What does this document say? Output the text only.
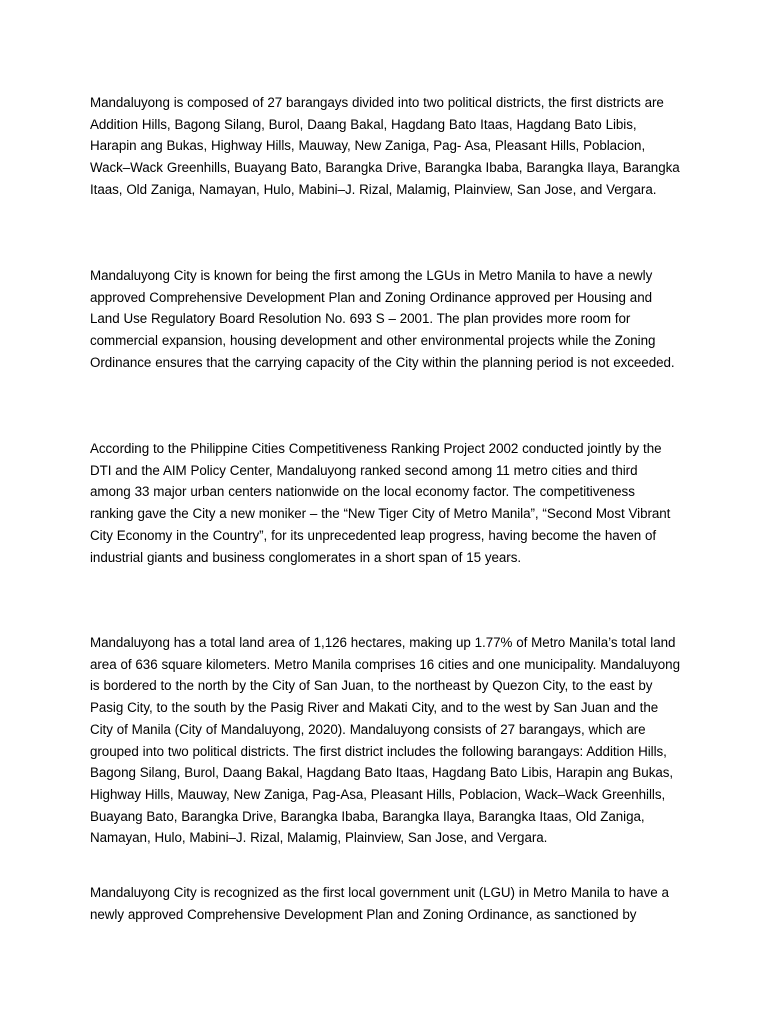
Mandaluyong is composed of 27 barangays divided into two political districts, the first districts are Addition Hills, Bagong Silang, Burol, Daang Bakal, Hagdang Bato Itaas, Hagdang Bato Libis, Harapin ang Bukas, Highway Hills, Mauway, New Zaniga, Pag- Asa, Pleasant Hills, Poblacion, Wack–Wack Greenhills, Buayang Bato, Barangka Drive, Barangka Ibaba, Barangka Ilaya, Barangka Itaas, Old Zaniga, Namayan, Hulo, Mabini–J. Rizal, Malamig, Plainview, San Jose, and Vergara.

Mandaluyong City is known for being the first among the LGUs in Metro Manila to have a newly approved Comprehensive Development Plan and Zoning Ordinance approved per Housing and Land Use Regulatory Board Resolution No. 693 S – 2001. The plan provides more room for commercial expansion, housing development and other environmental projects while the Zoning Ordinance ensures that the carrying capacity of the City within the planning period is not exceeded.

According to the Philippine Cities Competitiveness Ranking Project 2002 conducted jointly by the DTI and the AIM Policy Center, Mandaluyong ranked second among 11 metro cities and third among 33 major urban centers nationwide on the local economy factor. The competitiveness ranking gave the City a new moniker – the “New Tiger City of Metro Manila”, “Second Most Vibrant City Economy in the Country”, for its unprecedented leap progress, having become the haven of industrial giants and business conglomerates in a short span of 15 years.

Mandaluyong has a total land area of 1,126 hectares, making up 1.77% of Metro Manila’s total land area of 636 square kilometers. Metro Manila comprises 16 cities and one municipality. Mandaluyong is bordered to the north by the City of San Juan, to the northeast by Quezon City, to the east by Pasig City, to the south by the Pasig River and Makati City, and to the west by San Juan and the City of Manila (City of Mandaluyong, 2020). Mandaluyong consists of 27 barangays, which are grouped into two political districts. The first district includes the following barangays: Addition Hills, Bagong Silang, Burol, Daang Bakal, Hagdang Bato Itaas, Hagdang Bato Libis, Harapin ang Bukas, Highway Hills, Mauway, New Zaniga, Pag-Asa, Pleasant Hills, Poblacion, Wack–Wack Greenhills, Buayang Bato, Barangka Drive, Barangka Ibaba, Barangka Ilaya, Barangka Itaas, Old Zaniga, Namayan, Hulo, Mabini–J. Rizal, Malamig, Plainview, San Jose, and Vergara.

Mandaluyong City is recognized as the first local government unit (LGU) in Metro Manila to have a newly approved Comprehensive Development Plan and Zoning Ordinance, as sanctioned by
